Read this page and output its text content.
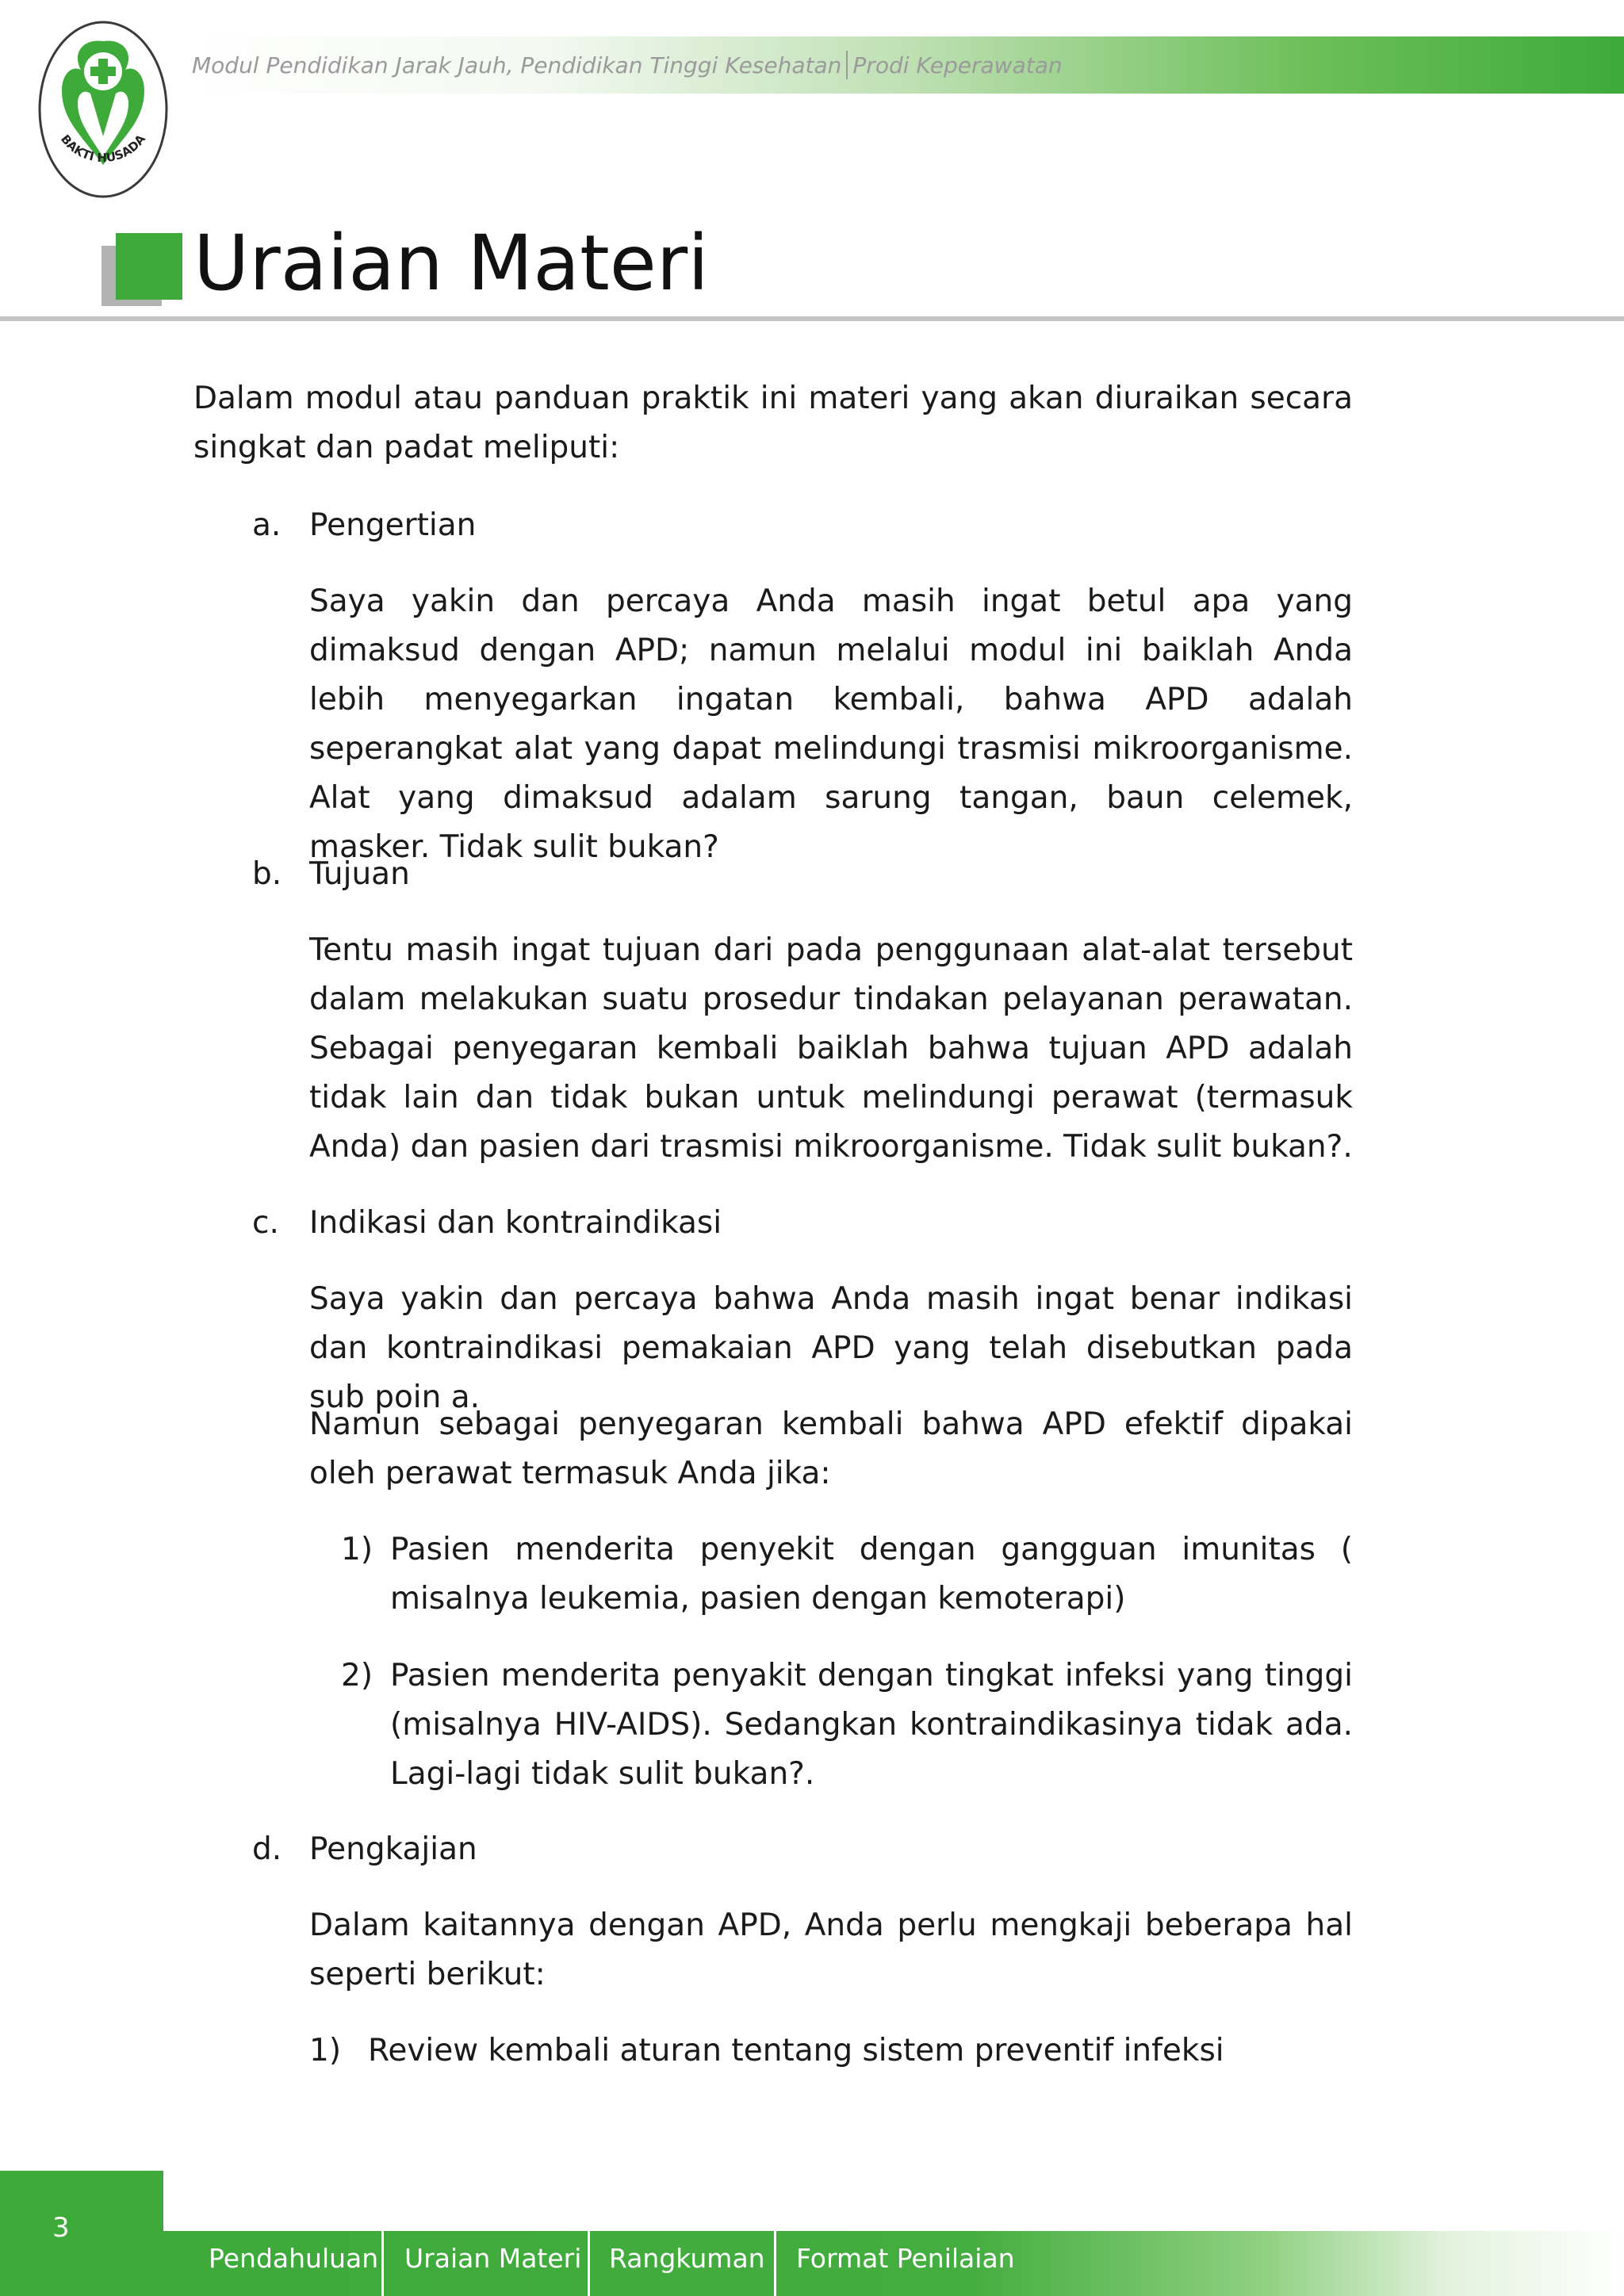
BAKTI HUSADA
Modul Pendidikan Jarak Jauh, Pendidikan Tinggi Kesehatan Prodi Keperawatan
Uraian Materi

Dalam modul atau panduan praktik ini materi yang akan diuraikan secara singkat dan padat meliputi:

a. Pengertian

Saya yakin dan percaya Anda masih ingat betul apa yang dimaksud dengan APD; namun melalui modul ini baiklah Anda lebih menyegarkan ingatan kembali, bahwa APD adalah seperangkat alat yang dapat melindungi trasmisi mikroorganisme. Alat yang dimaksud adalam sarung tangan, baun celemek, masker. Tidak sulit bukan?

b. Tujuan

Tentu masih ingat tujuan dari pada penggunaan alat-alat tersebut dalam melakukan suatu prosedur tindakan pelayanan perawatan. Sebagai penyegaran kembali baiklah bahwa tujuan APD adalah tidak lain dan tidak bukan untuk melindungi perawat (termasuk Anda) dan pasien dari trasmisi mikroorganisme. Tidak sulit bukan?.

c. Indikasi dan kontraindikasi

Saya yakin dan percaya bahwa Anda masih ingat benar indikasi dan kontraindikasi pemakaian APD yang telah disebutkan pada sub poin a.

Namun sebagai penyegaran kembali bahwa APD efektif dipakai oleh perawat termasuk Anda jika:

1) Pasien menderita penyekit dengan gangguan imunitas ( misalnya leukemia, pasien dengan kemoterapi)

2) Pasien menderita penyakit dengan tingkat infeksi yang tinggi (misalnya HIV-AIDS). Sedangkan kontraindikasinya tidak ada. Lagi-lagi tidak sulit bukan?.

d. Pengkajian

Dalam kaitannya dengan APD, Anda perlu mengkaji beberapa hal seperti berikut:

1) Review kembali aturan tentang sistem preventif infeksi

3
Pendahuluan Uraian Materi Rangkuman Format Penilaian
